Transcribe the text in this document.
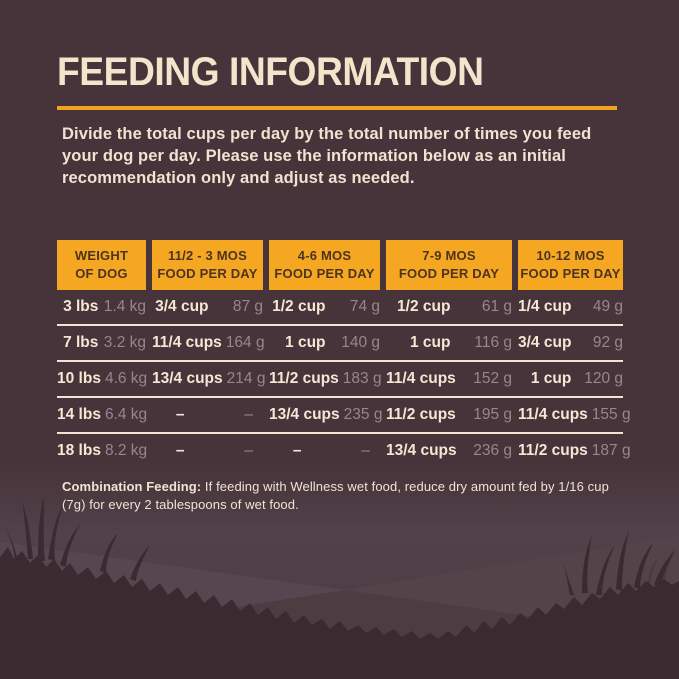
FEEDING INFORMATION
Divide the total cups per day by the total number of times you feed your dog per day. Please use the information below as an initial recommendation only and adjust as needed.
WEIGHT
OF DOG
11/2 - 3 MOS
FOOD PER DAY
4-6 MOS
FOOD PER DAY
7-9 MOS
FOOD PER DAY
10-12 MOS
FOOD PER DAY
3 lbs 1.4 kg 3/4 cup	87 g 1/2 cup	74 g	1/2 cup	61 g 1/4 cup	49 g
7 lbs 3.2 kg 11/4 cups 164 g	1 cup	140 g	1 cup	116 g 3/4 cup	92 g
10 lbs 4.6 kg 13/4 cups 214 g 11/2 cups 183 g 11/4 cups	152 g	1 cup 120 g
14 lbs 6.4 kg	–	– 13/4 cups 235 g 11/2 cups	195 g 11/4 cups 155 g
18 lbs 8.2 kg	–	–	–	– 13/4 cups	236 g 11/2 cups 187 g
Combination Feeding: If feeding with Wellness wet food, reduce dry amount fed by 1/16 cup (7g) for every 2 tablespoons of wet food.
